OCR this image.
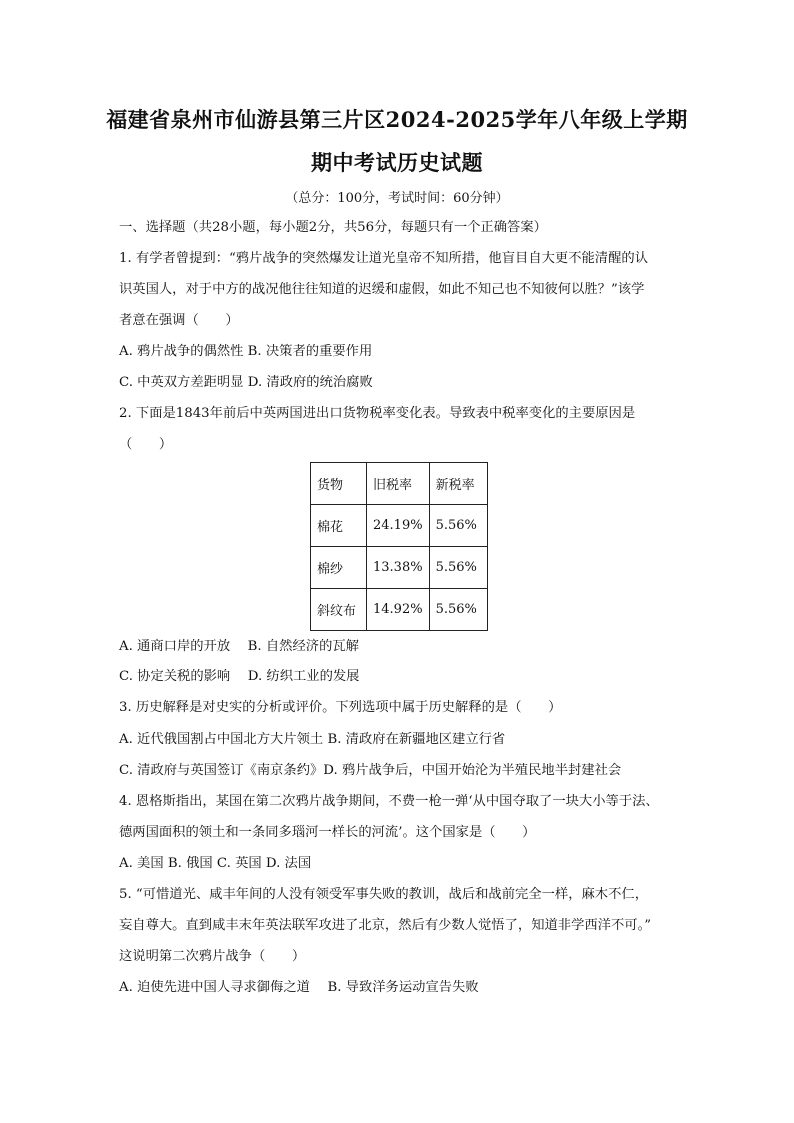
福建省泉州市仙游县第三片区2024-2025学年八年级上学期
期中考试历史试题
（总分：100分，考试时间：60分钟）
一、选择题（共28小题，每小题2分，共56分，每题只有一个正确答案）
1. 有学者曾提到：“鸦片战争的突然爆发让道光皇帝不知所措，他盲目自大更不能清醒的认
识英国人，对于中方的战况他往往知道的迟缓和虚假，如此不知己也不知彼何以胜？”该学
者意在强调（　　）
A. 鸦片战争的偶然性 B. 决策者的重要作用
C. 中英双方差距明显 D. 清政府的统治腐败
2. 下面是1843年前后中英两国进出口货物税率变化表。导致表中税率变化的主要原因是
（　　）
货物	旧税率	新税率
棉花	24.19%	5.56%
棉纱	13.38%	5.56%
斜纹布	14.92%	5.56%
A. 通商口岸的开放　 B. 自然经济的瓦解
C. 协定关税的影响　 D. 纺织工业的发展
3. 历史解释是对史实的分析或评价。下列选项中属于历史解释的是（　　）
A. 近代俄国割占中国北方大片领土 B. 清政府在新疆地区建立行省
C. 清政府与英国签订《南京条约》D. 鸦片战争后，中国开始沦为半殖民地半封建社会
4. 恩格斯指出，某国在第二次鸦片战争期间，不费一枪一弹‘从中国夺取了一块大小等于法、
德两国面积的领土和一条同多瑙河一样长的河流’。这个国家是（　　）
A. 美国 B. 俄国 C. 英国 D. 法国
5. “可惜道光、咸丰年间的人没有领受军事失败的教训，战后和战前完全一样，麻木不仁，
妄自尊大。直到咸丰末年英法联军攻进了北京，然后有少数人觉悟了，知道非学西洋不可。”
这说明第二次鸦片战争（　　）
A. 迫使先进中国人寻求御侮之道　 B. 导致洋务运动宣告失败
